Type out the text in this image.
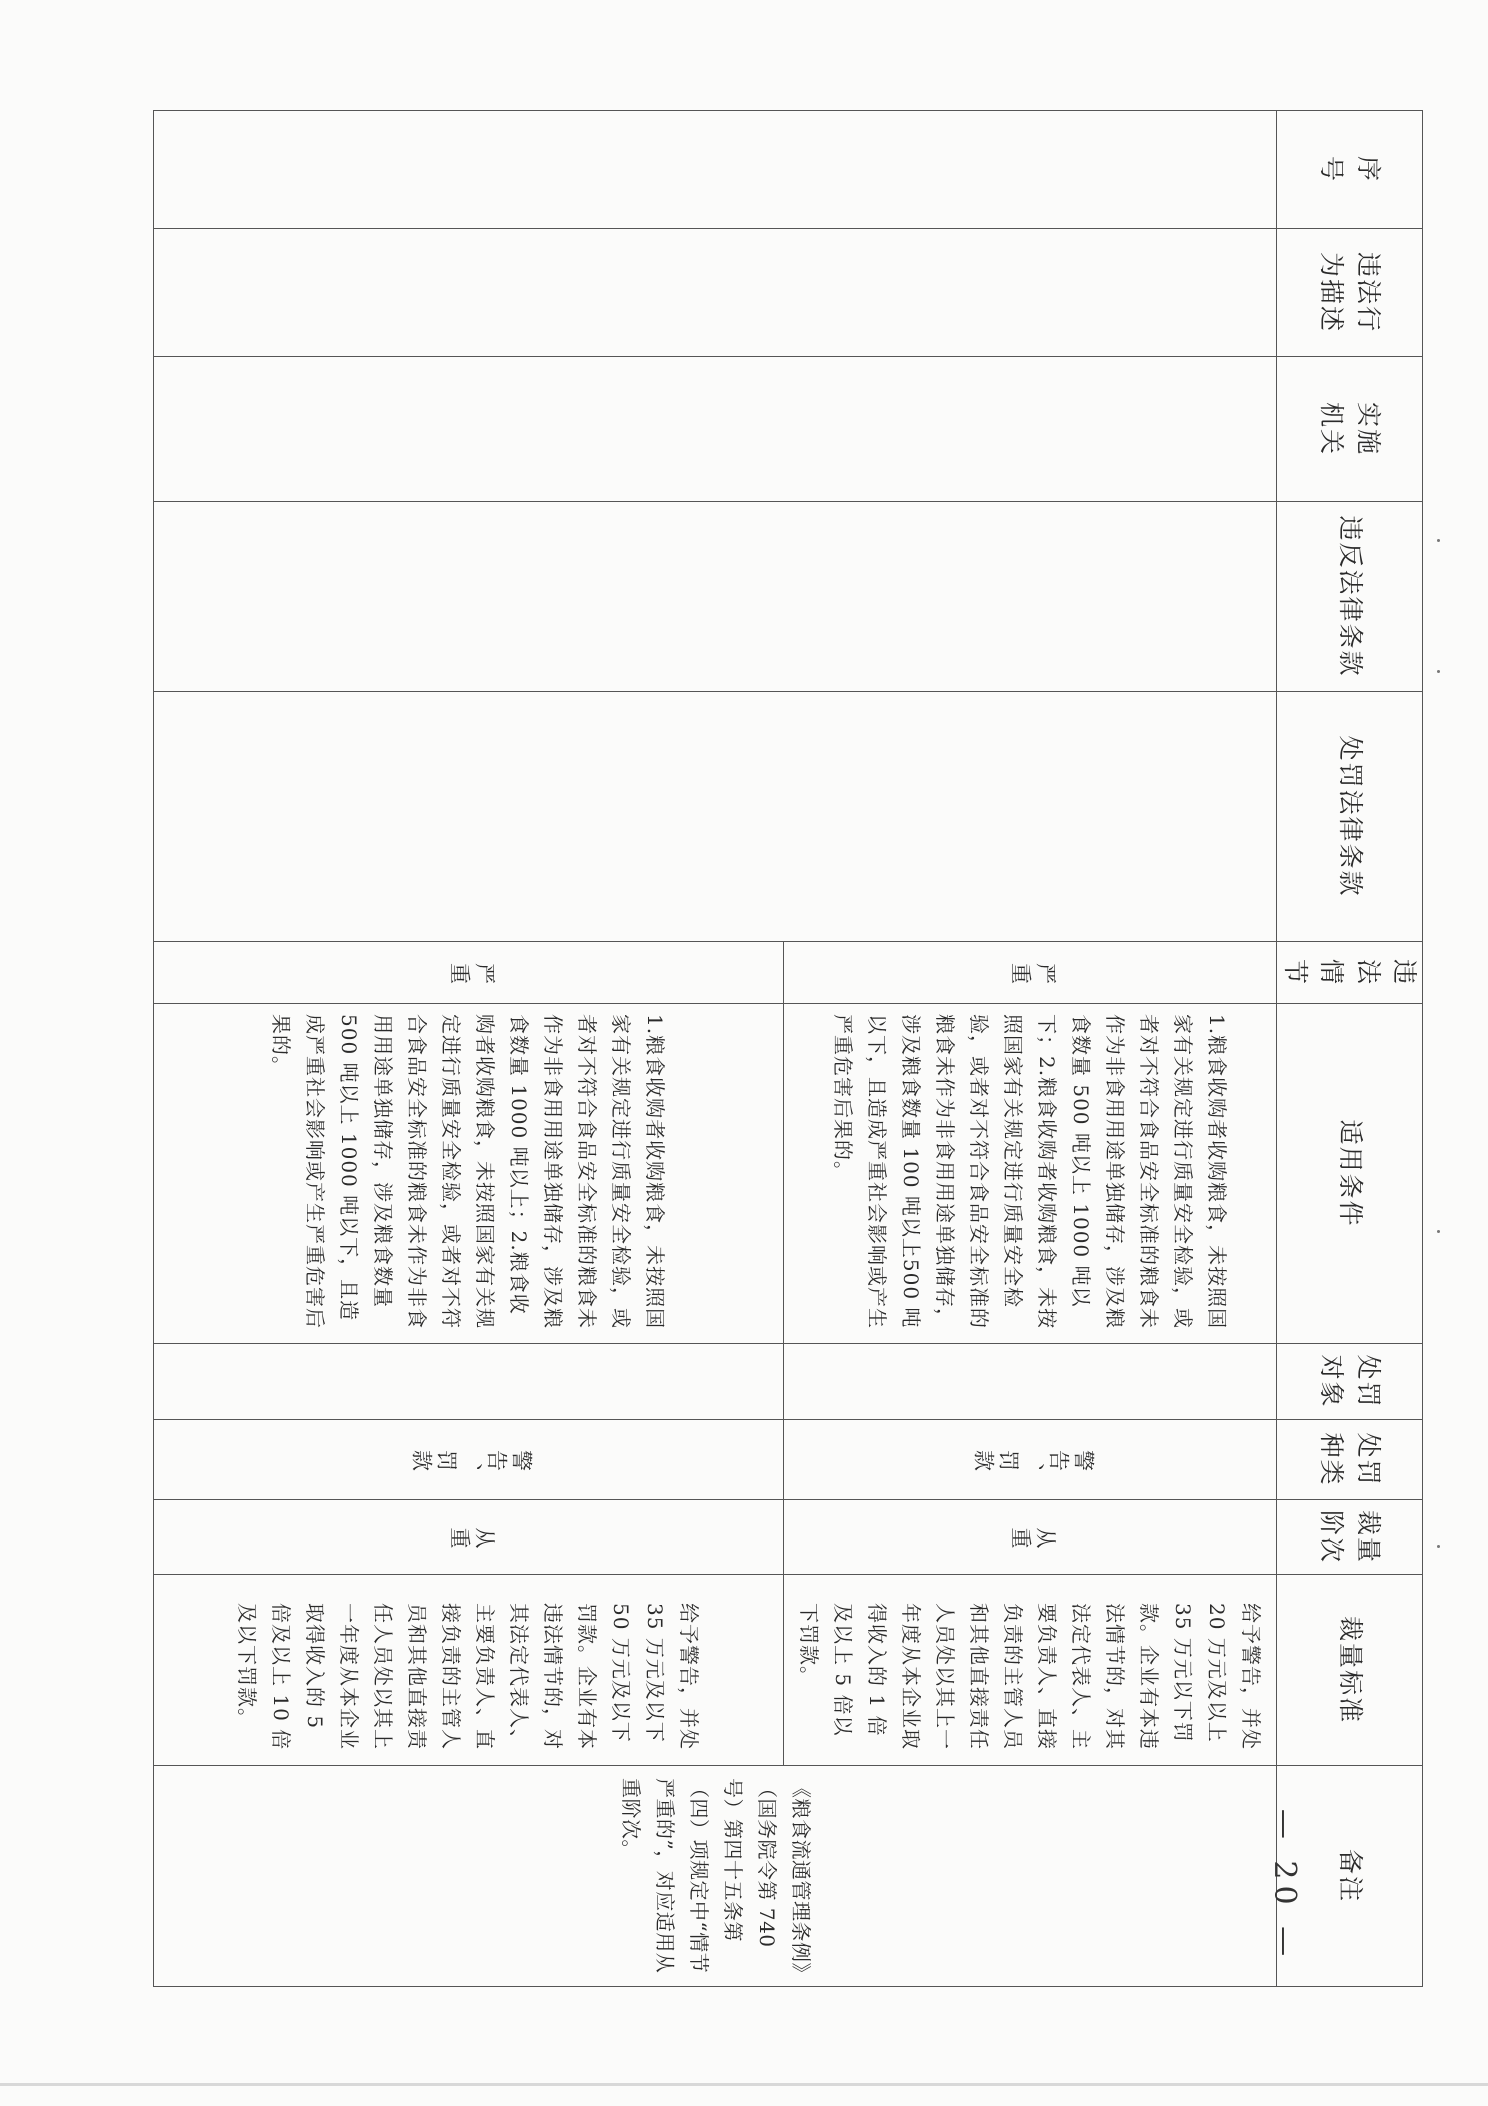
序号	违法行为描述	实施机关	违反法律条款	处罚法律条款	违法情节	适用条件	处罚对象	处罚种类	裁量阶次	裁量标准	备注
					严重	1.粮食收购者收购粮食，未按照国家有关规定进行质量安全检验，或者对不符合食品安全标准的粮食未作为非食用用途单独储存，涉及粮食数量 500 吨以上 1000 吨以下；2.粮食收购者收购粮食，未按照国家有关规定进行质量安全检验，或者对不符合食品安全标准的粮食未作为非食用用途单独储存，涉及粮食数量 100 吨以上500 吨以下，且造成严重社会影响或产生严重危害后果的。		警告、罚款	从重	给予警告，并处 20 万元及以上 35 万元以下罚款。企业有本违法情节的，对其法定代表人、主要负责人、直接负责的主管人员和其他直接责任人员处以其上一年度从本企业取得收入的 1 倍及以上 5 倍以下罚款。	《粮食流通管理条例》（国务院令第 740 号）第四十五条第（四）项规定中“情节严重的”，对应适用从重阶次。
					严重	1.粮食收购者收购粮食，未按照国家有关规定进行质量安全检验，或者对不符合食品安全标准的粮食未作为非食用用途单独储存，涉及粮食数量 1000 吨以上；2.粮食收购者收购粮食，未按照国家有关规定进行质量安全检验，或者对不符合食品安全标准的粮食未作为非食用用途单独储存，涉及粮食数量 500 吨以上 1000 吨以下，且造成严重社会影响或产生严重危害后果的。		警告、罚款	从重	给予警告，并处 35 万元及以下 50 万元及以下罚款。企业有本违法情节的，对其法定代表人、主要负责人、直接负责的主管人员和其他直接责任人员处以其上一年度从本企业取得收入的 5 倍及以上 10 倍及以下罚款。	
— 20 —
